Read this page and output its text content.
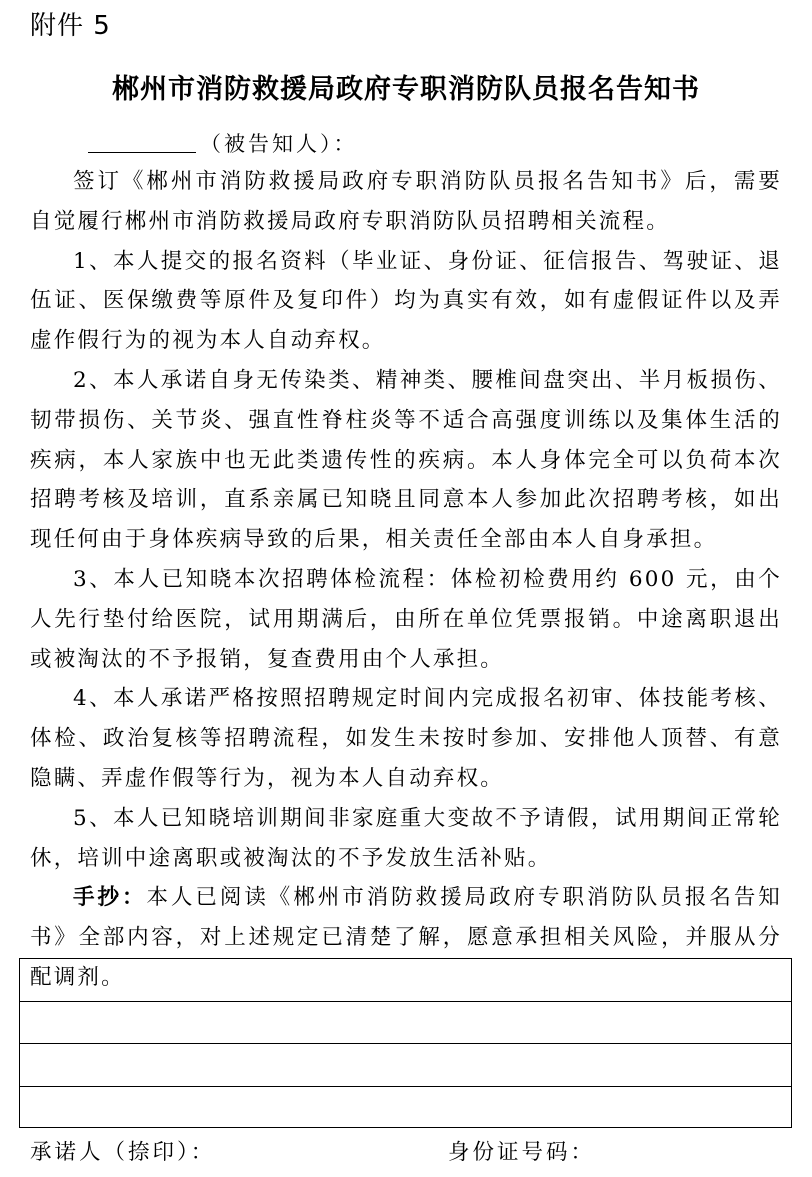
附件 5
郴州市消防救援局政府专职消防队员报名告知书
（被告知人）：

签订《郴州市消防救援局政府专职消防队员报名告知书》后，需要自觉履行郴州市消防救援局政府专职消防队员招聘相关流程。

1、本人提交的报名资料（毕业证、身份证、征信报告、驾驶证、退伍证、医保缴费等原件及复印件）均为真实有效，如有虚假证件以及弄虚作假行为的视为本人自动弃权。

2、本人承诺自身无传染类、精神类、腰椎间盘突出、半月板损伤、韧带损伤、关节炎、强直性脊柱炎等不适合高强度训练以及集体生活的疾病，本人家族中也无此类遗传性的疾病。本人身体完全可以负荷本次招聘考核及培训，直系亲属已知晓且同意本人参加此次招聘考核，如出现任何由于身体疾病导致的后果，相关责任全部由本人自身承担。

3、本人已知晓本次招聘体检流程：体检初检费用约 600 元，由个人先行垫付给医院，试用期满后，由所在单位凭票报销。中途离职退出或被淘汰的不予报销，复查费用由个人承担。

4、本人承诺严格按照招聘规定时间内完成报名初审、体技能考核、体检、政治复核等招聘流程，如发生未按时参加、安排他人顶替、有意隐瞒、弄虚作假等行为，视为本人自动弃权。

5、本人已知晓培训期间非家庭重大变故不予请假，试用期间正常轮休，培训中途离职或被淘汰的不予发放生活补贴。

手抄：本人已阅读《郴州市消防救援局政府专职消防队员报名告知书》全部内容，对上述规定已清楚了解，愿意承担相关风险，并服从分配调剂。

承诺人（捺印）：	身份证号码：
